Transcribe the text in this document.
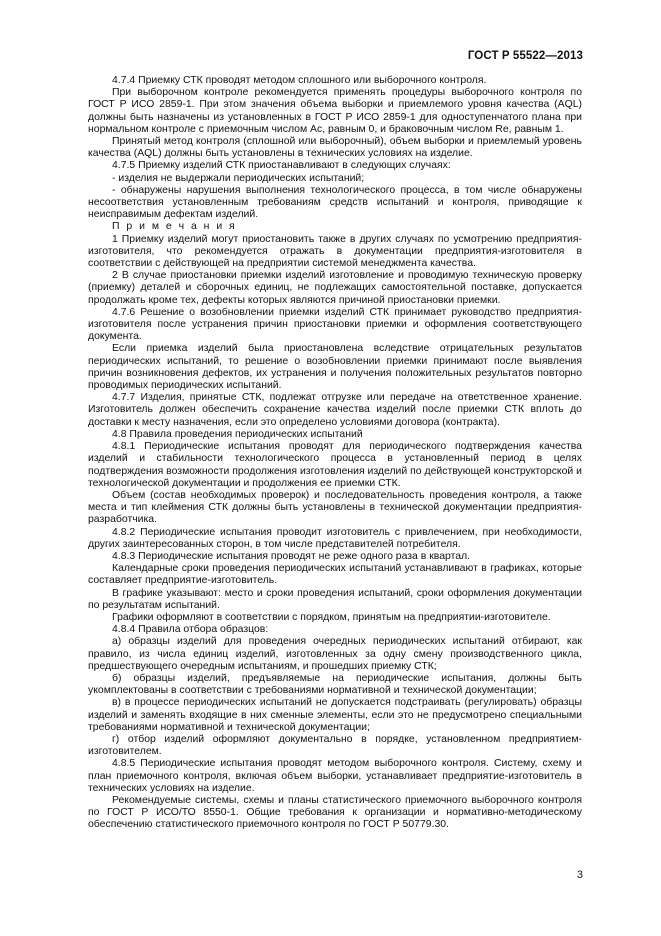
ГОСТ Р 55522—2013

4.7.4 Приемку СТК проводят методом сплошного или выборочного контроля.

При выборочном контроле рекомендуется применять процедуры выборочного контроля по ГОСТ Р ИСО 2859-1. При этом значения объема выборки и приемлемого уровня качества (AQL) должны быть назначены из установленных в ГОСТ Р ИСО 2859-1 для одноступенчатого плана при нормальном контроле с приемочным числом Ac, равным 0, и браковочным числом Re, равным 1.

Принятый метод контроля (сплошной или выборочный), объем выборки и приемлемый уровень качества (AQL) должны быть установлены в технических условиях на изделие.

4.7.5 Приемку изделий СТК приостанавливают в следующих случаях:

- изделия не выдержали периодических испытаний;

- обнаружены нарушения выполнения технологического процесса, в том числе обнаружены несоответствия установленным требованиям средств испытаний и контроля, приводящие к неисправимым дефектам изделий.

П р и м е ч а н и я

1 Приемку изделий могут приостановить также в других случаях по усмотрению предприятия-изготовителя, что рекомендуется отражать в документации предприятия-изготовителя в соответствии с действующей на предприятии системой менеджмента качества.

2 В случае приостановки приемки изделий изготовление и проводимую техническую проверку (приемку) деталей и сборочных единиц, не подлежащих самостоятельной поставке, допускается продолжать кроме тех, дефекты которых являются причиной приостановки приемки.

4.7.6 Решение о возобновлении приемки изделий СТК принимает руководство предприятия-изготовителя после устранения причин приостановки приемки и оформления соответствующего документа.

Если приемка изделий была приостановлена вследствие отрицательных результатов периодических испытаний, то решение о возобновлении приемки принимают после выявления причин возникновения дефектов, их устранения и получения положительных результатов повторно проводимых периодических испытаний.

4.7.7 Изделия, принятые СТК, подлежат отгрузке или передаче на ответственное хранение. Изготовитель должен обеспечить сохранение качества изделий после приемки СТК вплоть до доставки к месту назначения, если это определено условиями договора (контракта).

4.8 Правила проведения периодических испытаний

4.8.1 Периодические испытания проводят для периодического подтверждения качества изделий и стабильности технологического процесса в установленный период в целях подтверждения возможности продолжения изготовления изделий по действующей конструкторской и технологической документации и продолжения ее приемки СТК.

Объем (состав необходимых проверок) и последовательность проведения контроля, а также места и тип клеймения СТК должны быть установлены в технической документации предприятия-разработчика.

4.8.2 Периодические испытания проводит изготовитель с привлечением, при необходимости, других заинтересованных сторон, в том числе представителей потребителя.

4.8.3 Периодические испытания проводят не реже одного раза в квартал.

Календарные сроки проведения периодических испытаний устанавливают в графиках, которые составляет предприятие-изготовитель.

В графике указывают: место и сроки проведения испытаний, сроки оформления документации по результатам испытаний.

Графики оформляют в соответствии с порядком, принятым на предприятии-изготовителе.

4.8.4 Правила отбора образцов:

а) образцы изделий для проведения очередных периодических испытаний отбирают, как правило, из числа единиц изделий, изготовленных за одну смену производственного цикла, предшествующего очередным испытаниям, и прошедших приемку СТК;

б) образцы изделий, предъявляемые на периодические испытания, должны быть укомплектованы в соответствии с требованиями нормативной и технической документации;

в) в процессе периодических испытаний не допускается подстраивать (регулировать) образцы изделий и заменять входящие в них сменные элементы, если это не предусмотрено специальными требованиями нормативной и технической документации;

г) отбор изделий оформляют документально в порядке, установленном предприятием-изготовителем.

4.8.5 Периодические испытания проводят методом выборочного контроля. Систему, схему и план приемочного контроля, включая объем выборки, устанавливает предприятие-изготовитель в технических условиях на изделие.

Рекомендуемые системы, схемы и планы статистического приемочного выборочного контроля по ГОСТ Р ИСО/ТО 8550-1. Общие требования к организации и нормативно-методическому обеспечению статистического приемочного контроля по ГОСТ Р 50779.30.

3
